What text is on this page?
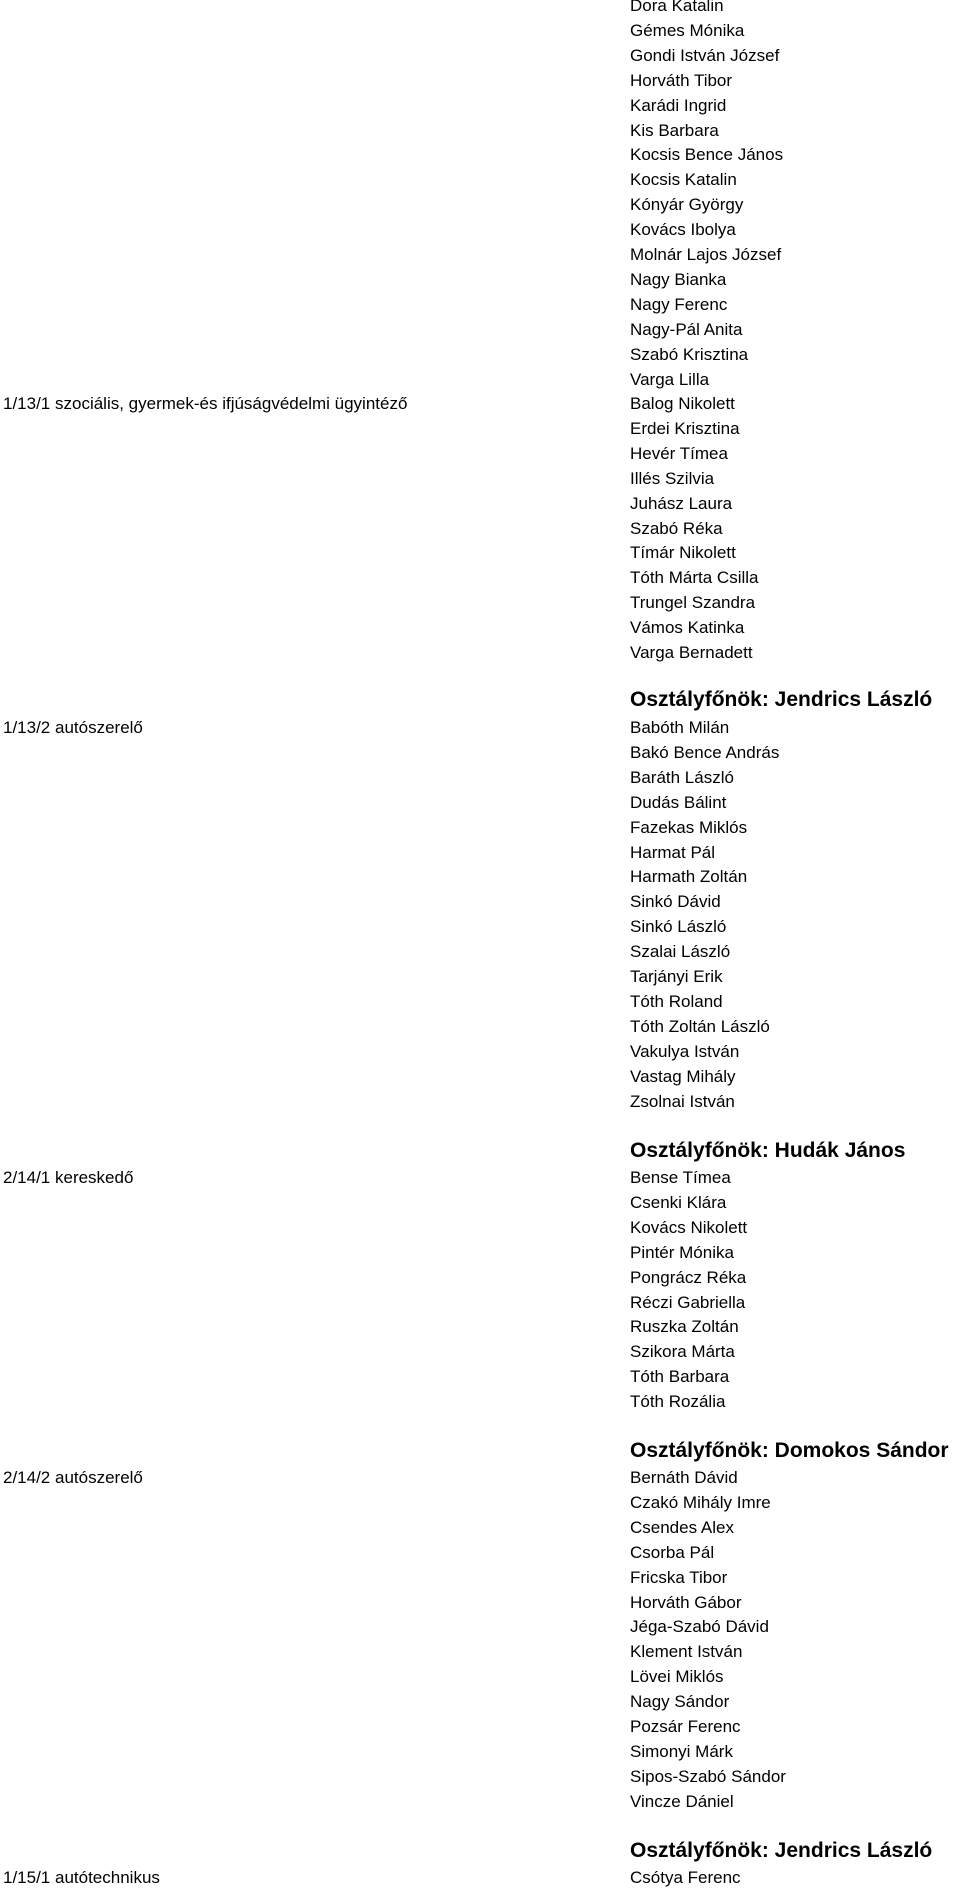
Dora Katalin
Gémes Mónika
Gondi István József
Horváth Tibor
Karádi Ingrid
Kis Barbara
Kocsis Bence János
Kocsis Katalin
Kónyár György
Kovács Ibolya
Molnár Lajos József
Nagy Bianka
Nagy Ferenc
Nagy-Pál Anita
Szabó Krisztina
Varga Lilla
1/13/1 szociális, gyermek-és ifjúságvédelmi ügyintéző	Balog Nikolett
Erdei Krisztina
Hevér Tímea
Illés Szilvia
Juhász Laura
Szabó Réka
Tímár Nikolett
Tóth Márta Csilla
Trungel Szandra
Vámos Katinka
Varga Bernadett
Osztályfőnök: Jendrics László
1/13/2 autószerelő	Babóth Milán
Bakó Bence András
Baráth László
Dudás Bálint
Fazekas Miklós
Harmat Pál
Harmath Zoltán
Sinkó Dávid
Sinkó László
Szalai László
Tarjányi Erik
Tóth Roland
Tóth Zoltán László
Vakulya István
Vastag Mihály
Zsolnai István
Osztályfőnök: Hudák János
2/14/1 kereskedő	Bense Tímea
Csenki Klára
Kovács Nikolett
Pintér Mónika
Pongrácz Réka
Réczi Gabriella
Ruszka Zoltán
Szikora Márta
Tóth Barbara
Tóth Rozália
Osztályfőnök: Domokos Sándor
2/14/2 autószerelő	Bernáth Dávid
Czakó Mihály Imre
Csendes Alex
Csorba Pál
Fricska Tibor
Horváth Gábor
Jéga-Szabó Dávid
Klement István
Lövei Miklós
Nagy Sándor
Pozsár Ferenc
Simonyi Márk
Sipos-Szabó Sándor
Vincze Dániel
Osztályfőnök: Jendrics László
1/15/1 autótechnikus	Csótya Ferenc
